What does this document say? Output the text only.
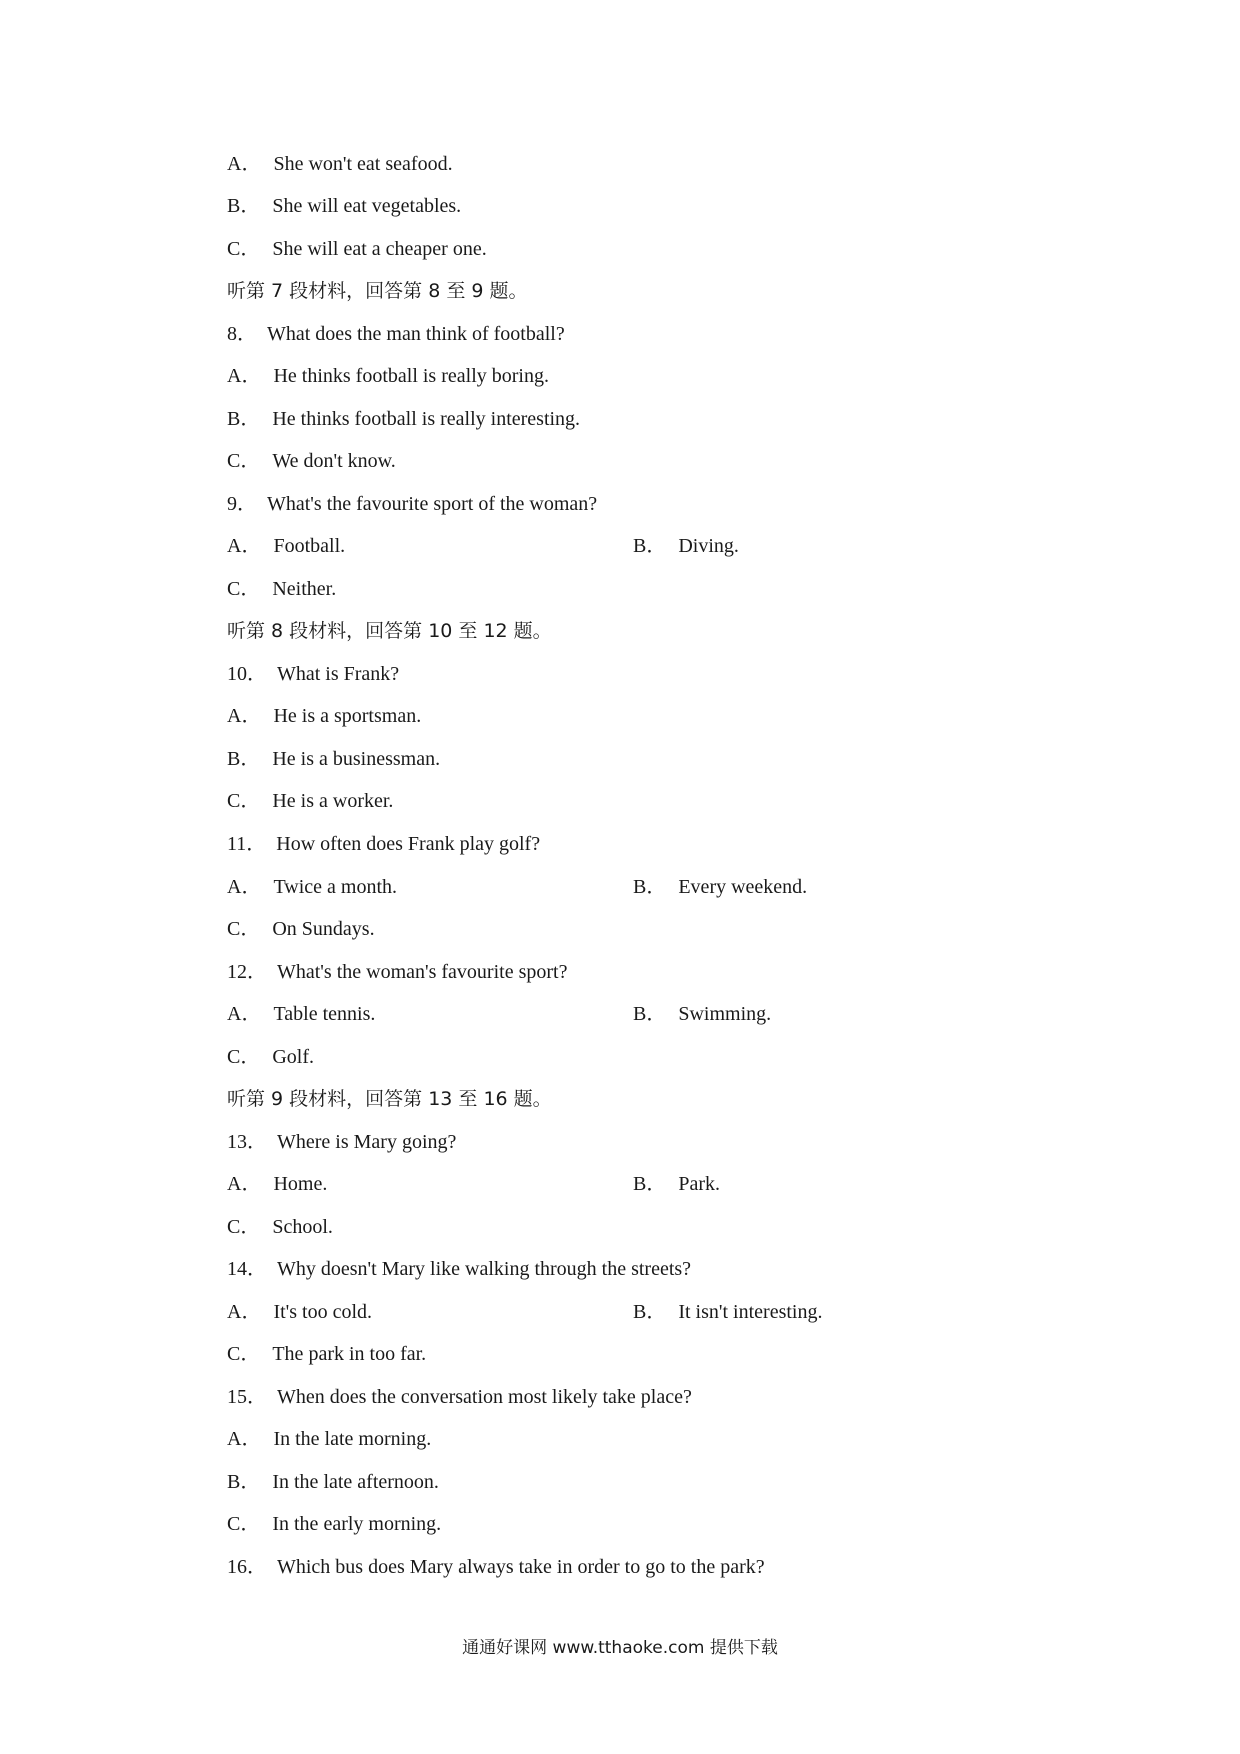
A． She won't eat seafood.
B． She will eat vegetables.
C． She will eat a cheaper one.
听第 7 段材料，回答第 8 至 9 题。
8． What does the man think of football?
A． He thinks football is really boring.
B． He thinks football is really interesting.
C． We don't know.
9． What's the favourite sport of the woman?
A． Football.	B． Diving.
C． Neither.
听第 8 段材料，回答第 10 至 12 题。
10． What is Frank?
A． He is a sportsman.
B． He is a businessman.
C． He is a worker.
11． How often does Frank play golf?
A． Twice a month.	B． Every weekend.
C． On Sundays.
12． What's the woman's favourite sport?
A． Table tennis.	B． Swimming.
C． Golf.
听第 9 段材料，回答第 13 至 16 题。
13． Where is Mary going?
A． Home.	B． Park.
C． School.
14． Why doesn't Mary like walking through the streets?
A． It's too cold.	B． It isn't interesting.
C． The park in too far.
15． When does the conversation most likely take place?
A． In the late morning.
B． In the late afternoon.
C． In the early morning.
16． Which bus does Mary always take in order to go to the park?
通通好课网 www.tthaoke.com 提供下载
